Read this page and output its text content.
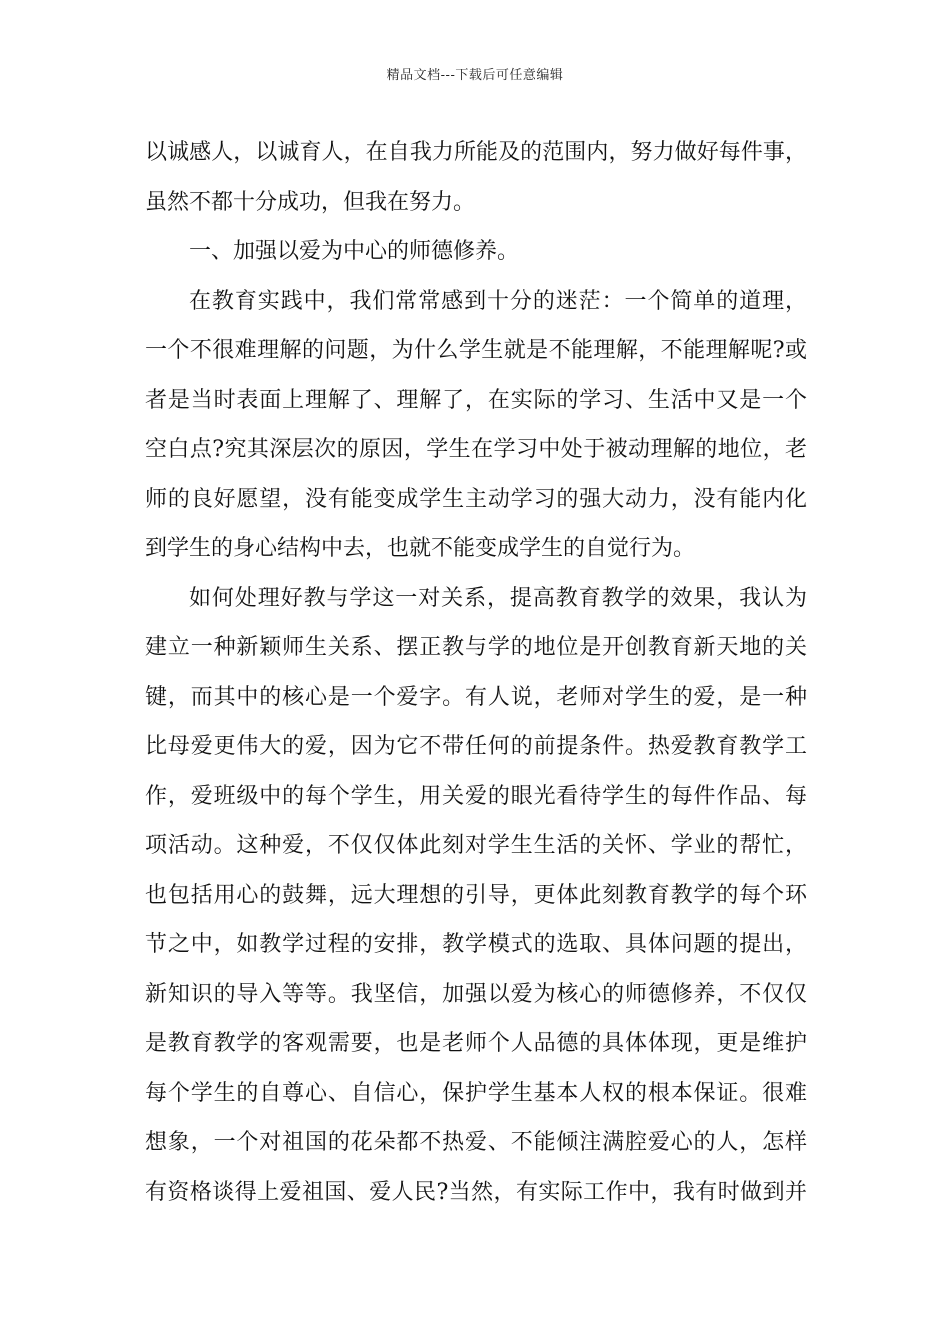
精品文档---下载后可任意编辑
以诚感人，以诚育人，在自我力所能及的范围内，努力做好每件事，
虽然不都十分成功，但我在努力。
一、加强以爱为中心的师德修养。
在教育实践中，我们常常感到十分的迷茫：一个简单的道理，
一个不很难理解的问题，为什么学生就是不能理解，不能理解呢?或
者是当时表面上理解了、理解了，在实际的学习、生活中又是一个
空白点?究其深层次的原因，学生在学习中处于被动理解的地位，老
师的良好愿望，没有能变成学生主动学习的强大动力，没有能内化
到学生的身心结构中去，也就不能变成学生的自觉行为。
如何处理好教与学这一对关系，提高教育教学的效果，我认为
建立一种新颖师生关系、摆正教与学的地位是开创教育新天地的关
键，而其中的核心是一个爱字。有人说，老师对学生的爱，是一种
比母爱更伟大的爱，因为它不带任何的前提条件。热爱教育教学工
作，爱班级中的每个学生，用关爱的眼光看待学生的每件作品、每
项活动。这种爱，不仅仅体此刻对学生生活的关怀、学业的帮忙，
也包括用心的鼓舞，远大理想的引导，更体此刻教育教学的每个环
节之中，如教学过程的安排，教学模式的选取、具体问题的提出，
新知识的导入等等。我坚信，加强以爱为核心的师德修养，不仅仅
是教育教学的客观需要，也是老师个人品德的具体体现，更是维护
每个学生的自尊心、自信心，保护学生基本人权的根本保证。很难
想象，一个对祖国的花朵都不热爱、不能倾注满腔爱心的人，怎样
有资格谈得上爱祖国、爱人民?当然，有实际工作中，我有时做到并
